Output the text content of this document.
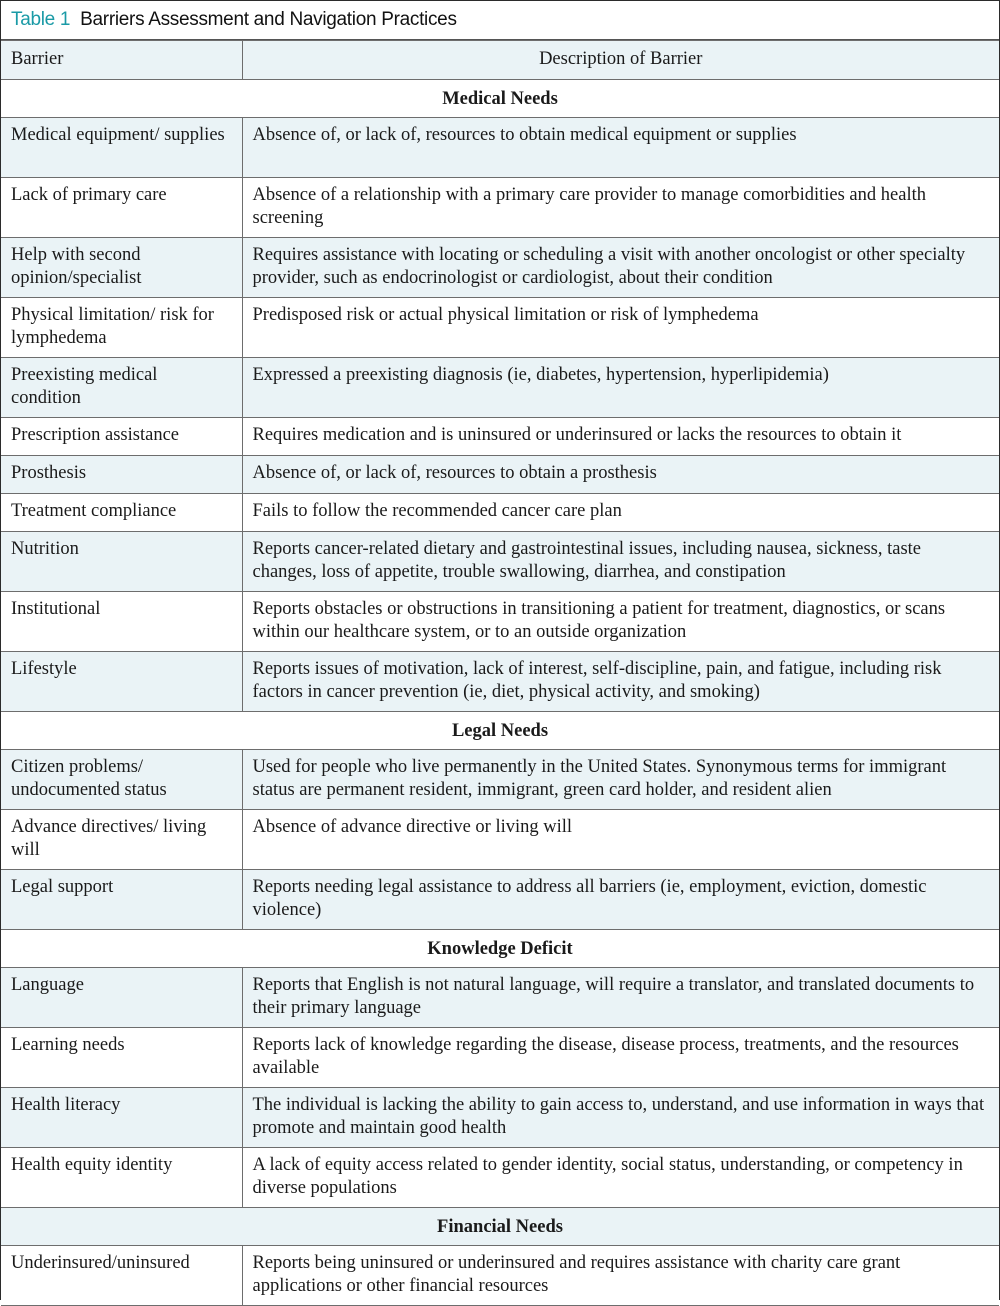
Table 1 Barriers Assessment and Navigation Practices
Barrier	Description of Barrier
Medical Needs	
Medical equipment/ supplies	Absence of, or lack of, resources to obtain medical equipment or supplies
Lack of primary care	Absence of a relationship with a primary care provider to manage comorbidities and health screening
Help with second opinion/specialist	Requires assistance with locating or scheduling a visit with another oncologist or other specialty provider, such as endocrinologist or cardiologist, about their condition
Physical limitation/ risk for lymphedema	Predisposed risk or actual physical limitation or risk of lymphedema
Preexisting medical condition	Expressed a preexisting diagnosis (ie, diabetes, hypertension, hyperlipidemia)
Prescription assistance	Requires medication and is uninsured or underinsured or lacks the resources to obtain it
Prosthesis	Absence of, or lack of, resources to obtain a prosthesis
Treatment compliance	Fails to follow the recommended cancer care plan
Nutrition	Reports cancer-related dietary and gastrointestinal issues, including nausea, sickness, taste changes, loss of appetite, trouble swallowing, diarrhea, and constipation
Institutional	Reports obstacles or obstructions in transitioning a patient for treatment, diagnostics, or scans within our healthcare system, or to an outside organization
Lifestyle	Reports issues of motivation, lack of interest, self-discipline, pain, and fatigue, including risk factors in cancer prevention (ie, diet, physical activity, and smoking)
Legal Needs	
Citizen problems/ undocumented status	Used for people who live permanently in the United States. Synonymous terms for immigrant status are permanent resident, immigrant, green card holder, and resident alien
Advance directives/ living will	Absence of advance directive or living will
Legal support	Reports needing legal assistance to address all barriers (ie, employment, eviction, domestic violence)
Knowledge Deficit	
Language	Reports that English is not natural language, will require a translator, and translated documents to their primary language
Learning needs	Reports lack of knowledge regarding the disease, disease process, treatments, and the resources available
Health literacy	The individual is lacking the ability to gain access to, understand, and use information in ways that promote and maintain good health
Health equity identity	A lack of equity access related to gender identity, social status, understanding, or competency in diverse populations
Financial Needs	
Underinsured/uninsured	Reports being uninsured or underinsured and requires assistance with charity care grant applications or other financial resources
